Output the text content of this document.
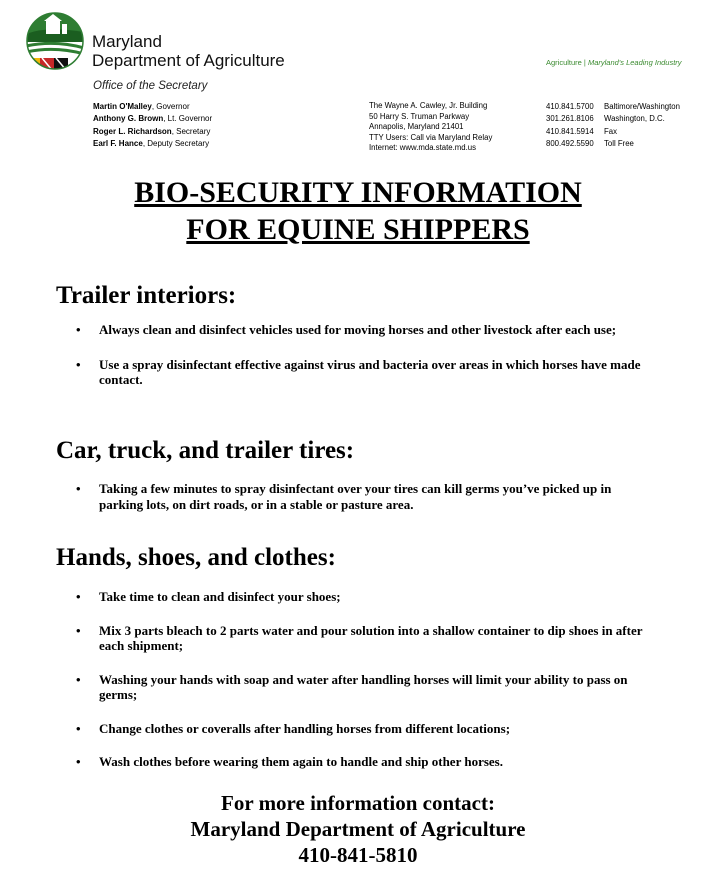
Maryland
Department of Agriculture
Office of the Secretary
Agriculture | Maryland's Leading Industry
Martin O'Malley, Governor
Anthony G. Brown, Lt. Governor
Roger L. Richardson, Secretary
Earl F. Hance, Deputy Secretary
The Wayne A. Cawley, Jr. Building
50 Harry S. Truman Parkway
Annapolis, Maryland 21401
TTY Users: Call via Maryland Relay
Internet: www.mda.state.md.us
410.841.5700 Baltimore/Washington
301.261.8106 Washington, D.C.
410.841.5914 Fax
800.492.5590 Toll Free
BIO-SECURITY INFORMATION
FOR EQUINE SHIPPERS
Trailer interiors:
• Always clean and disinfect vehicles used for moving horses and other livestock after each use;
• Use a spray disinfectant effective against virus and bacteria over areas in which horses have made contact.
Car, truck, and trailer tires:
• Taking a few minutes to spray disinfectant over your tires can kill germs you’ve picked up in parking lots, on dirt roads, or in a stable or pasture area.
Hands, shoes, and clothes:
• Take time to clean and disinfect your shoes;
• Mix 3 parts bleach to 2 parts water and pour solution into a shallow container to dip shoes in after each shipment;
• Washing your hands with soap and water after handling horses will limit your ability to pass on germs;
• Change clothes or coveralls after handling horses from different locations;
• Wash clothes before wearing them again to handle and ship other horses.
For more information contact:
Maryland Department of Agriculture
410-841-5810
